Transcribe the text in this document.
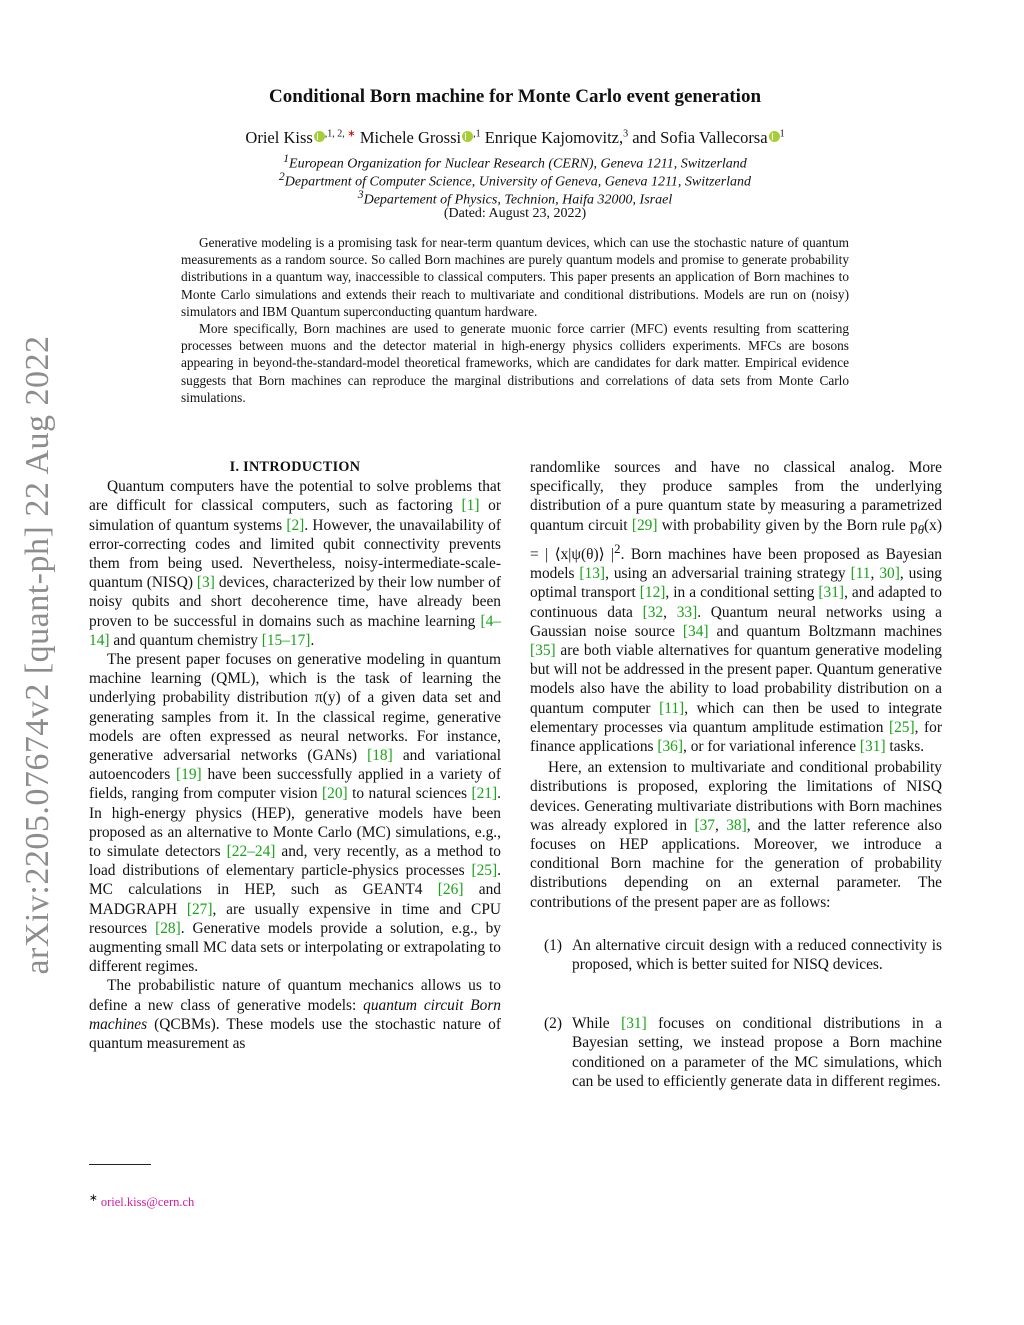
arXiv:2205.07674v2 [quant-ph] 22 Aug 2022
Conditional Born machine for Monte Carlo event generation
Oriel Kiss $^{,1, 2,}$ ∗ Michele Grossi $^{,1}$ Enrique Kajomovitz,$^3$ and Sofia Vallecorsa $^1$
$^1$European Organization for Nuclear Research (CERN), Geneva 1211, Switzerland
$^2$Department of Computer Science, University of Geneva, Geneva 1211, Switzerland
$^3$Departement of Physics, Technion, Haifa 32000, Israel
(Dated: August 23, 2022)

Generative modeling is a promising task for near-term quantum devices, which can use the stochastic nature of quantum measurements as a random source. So called Born machines are purely quantum models and promise to generate probability distributions in a quantum way, inaccessible to classical computers. This paper presents an application of Born machines to Monte Carlo simulations and extends their reach to multivariate and conditional distributions. Models are run on (noisy) simulators and IBM Quantum superconducting quantum hardware.

More specifically, Born machines are used to generate muonic force carrier (MFC) events resulting from scattering processes between muons and the detector material in high-energy physics colliders experiments. MFCs are bosons appearing in beyond-the-standard-model theoretical frameworks, which are candidates for dark matter. Empirical evidence suggests that Born machines can reproduce the marginal distributions and correlations of data sets from Monte Carlo simulations.

I. INTRODUCTION

Quantum computers have the potential to solve problems that are difficult for classical computers, such as factoring [1] or simulation of quantum systems [2]. However, the unavailability of error-correcting codes and limited qubit connectivity prevents them from being used. Nevertheless, noisy-intermediate-scale-quantum (NISQ) [3] devices, characterized by their low number of noisy qubits and short decoherence time, have already been proven to be successful in domains such as machine learning [4–14] and quantum chemistry [15–17].

The present paper focuses on generative modeling in quantum machine learning (QML), which is the task of learning the underlying probability distribution π(y) of a given data set and generating samples from it. In the classical regime, generative models are often expressed as neural networks. For instance, generative adversarial networks (GANs) [18] and variational autoencoders [19] have been successfully applied in a variety of fields, ranging from computer vision [20] to natural sciences [21]. In high-energy physics (HEP), generative models have been proposed as an alternative to Monte Carlo (MC) simulations, e.g., to simulate detectors [22–24] and, very recently, as a method to load distributions of elementary particle-physics processes [25]. MC calculations in HEP, such as GEANT4 [26] and MADGRAPH [27], are usually expensive in time and CPU resources [28]. Generative models provide a solution, e.g., by augmenting small MC data sets or interpolating or extrapolating to different regimes.

The probabilistic nature of quantum mechanics allows us to define a new class of generative models: quantum circuit Born machines (QCBMs). These models use the stochastic nature of quantum measurement as

randomlike sources and have no classical analog. More specifically, they produce samples from the underlying distribution of a pure quantum state by measuring a parametrized quantum circuit [29] with probability given by the Born rule $p_\theta(x)$ = | ⟨x|ψ(θ)⟩ $|^2$. Born machines have been proposed as Bayesian models [13], using an adversarial training strategy [11, 30], using optimal transport [12], in a conditional setting [31], and adapted to continuous data [32, 33]. Quantum neural networks using a Gaussian noise source [34] and quantum Boltzmann machines [35] are both viable alternatives for quantum generative modeling but will not be addressed in the present paper. Quantum generative models also have the ability to load probability distribution on a quantum computer [11], which can then be used to integrate elementary processes via quantum amplitude estimation [25], for finance applications [36], or for variational inference [31] tasks.

Here, an extension to multivariate and conditional probability distributions is proposed, exploring the limitations of NISQ devices. Generating multivariate distributions with Born machines was already explored in [37, 38], and the latter reference also focuses on HEP applications. Moreover, we introduce a conditional Born machine for the generation of probability distributions depending on an external parameter. The contributions of the present paper are as follows:

(1) An alternative circuit design with a reduced connectivity is proposed, which is better suited for NISQ devices.
(2) While [31] focuses on conditional distributions in a Bayesian setting, we instead propose a Born machine conditioned on a parameter of the MC simulations, which can be used to efficiently generate data in different regimes.
∗ oriel.kiss@cern.ch
